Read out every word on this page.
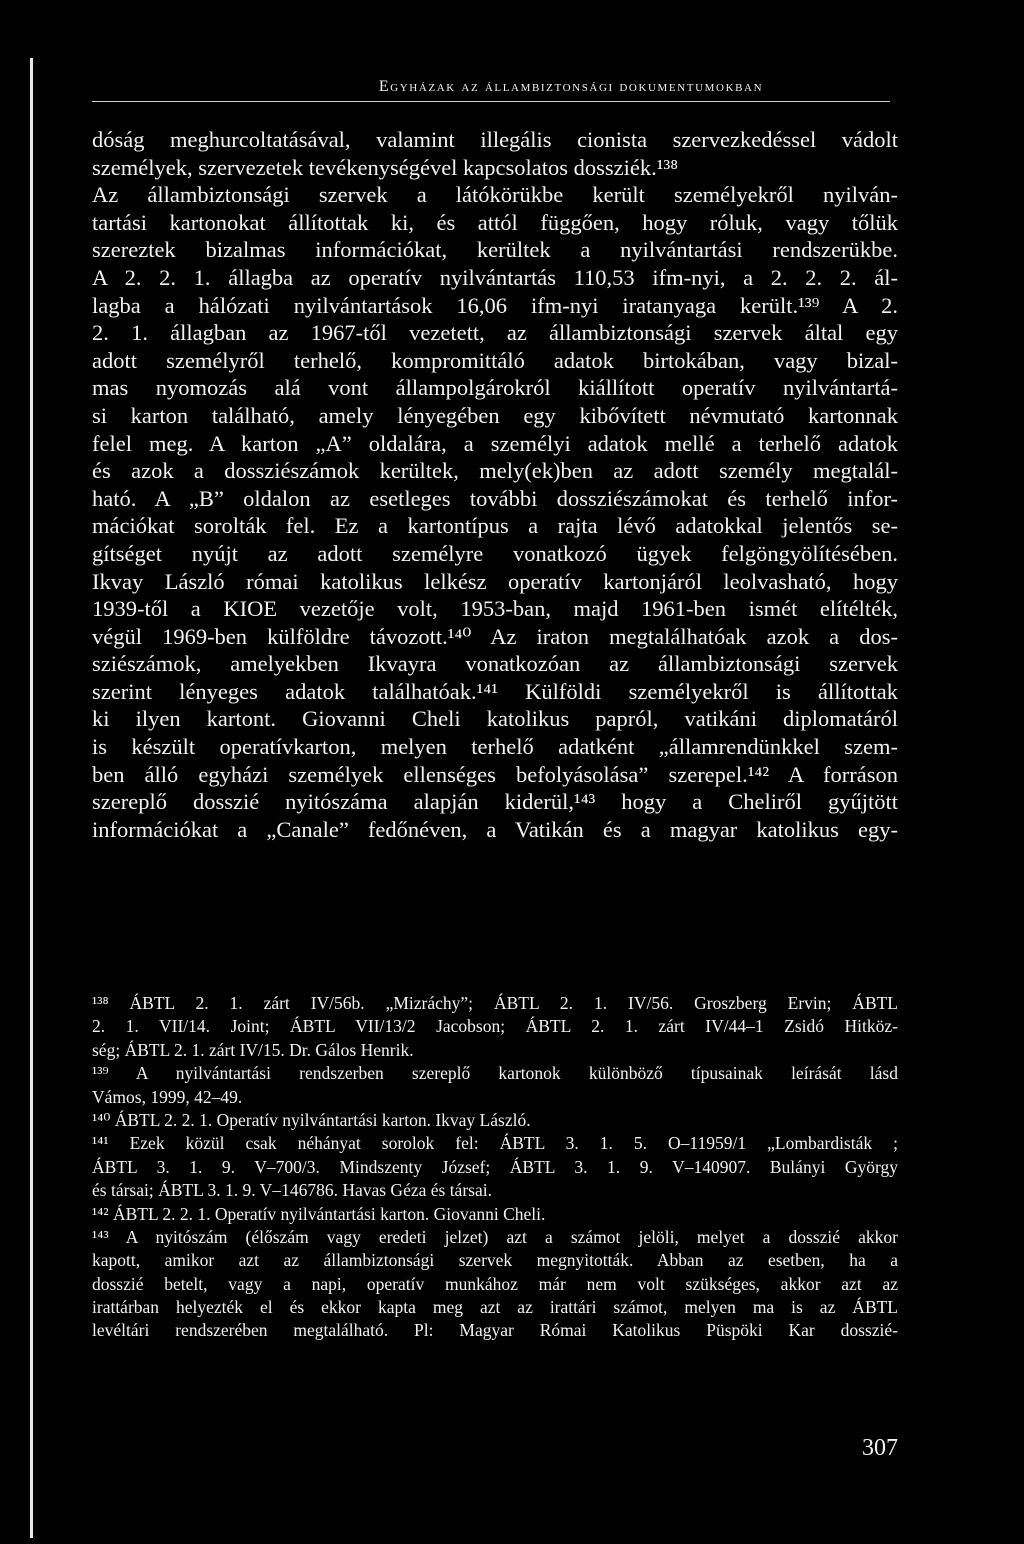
Egyházak az állambiztonsági dokumentumokban
dóság meghurcoltatásával, valamint illegális cionista szervezkedéssel vádolt
személyek, szervezetek tevékenységével kapcsolatos dossziék.¹³⁸
Az állambiztonsági szervek a látókörükbe került személyekről nyilván-
tartási kartonokat állítottak ki, és attól függően, hogy róluk, vagy tőlük
szereztek bizalmas információkat, kerültek a nyilvántartási rendszerükbe.
A 2. 2. 1. állagba az operatív nyilvántartás 110,53 ifm-nyi, a 2. 2. 2. ál-
lagba a hálózati nyilvántartások 16,06 ifm-nyi iratanyaga került.¹³⁹ A 2.
2. 1. állagban az 1967-től vezetett, az állambiztonsági szervek által egy
adott személyről terhelő, kompromittáló adatok birtokában, vagy bizal-
mas nyomozás alá vont állampolgárokról kiállított operatív nyilvántartá-
si karton található, amely lényegében egy kibővített névmutató kartonnak
felel meg. A karton „A” oldalára, a személyi adatok mellé a terhelő adatok
és azok a dossziészámok kerültek, mely(ek)ben az adott személy megtalál-
ható. A „B” oldalon az esetleges további dossziészámokat és terhelő infor-
mációkat sorolták fel. Ez a kartontípus a rajta lévő adatokkal jelentős se-
gítséget nyújt az adott személyre vonatkozó ügyek felgöngyölítésében.
Ikvay László római katolikus lelkész operatív kartonjáról leolvasható, hogy
1939-től a KIOE vezetője volt, 1953-ban, majd 1961-ben ismét elítélték,
végül 1969-ben külföldre távozott.¹⁴⁰ Az iraton megtalálhatóak azok a dos-
sziészámok, amelyekben Ikvayra vonatkozóan az állambiztonsági szervek
szerint lényeges adatok találhatóak.¹⁴¹ Külföldi személyekről is állítottak
ki ilyen kartont. Giovanni Cheli katolikus papról, vatikáni diplomatáról
is készült operatívkarton, melyen terhelő adatként „államrendünkkel szem-
ben álló egyházi személyek ellenséges befolyásolása” szerepel.¹⁴² A forráson
szereplő dosszié nyitószáma alapján kiderül,¹⁴³ hogy a Cheliről gyűjtött
információkat a „Canale” fedőnéven, a Vatikán és a magyar katolikus egy-
¹³⁸ ÁBTL 2. 1. zárt IV/56b. „Mizráchy”; ÁBTL 2. 1. IV/56. Groszberg Ervin; ÁBTL
2. 1. VII/14. Joint; ÁBTL VII/13/2 Jacobson; ÁBTL 2. 1. zárt IV/44–1 Zsidó Hitköz-
ség; ÁBTL 2. 1. zárt IV/15. Dr. Gálos Henrik.
¹³⁹ A nyilvántartási rendszerben szereplő kartonok különböző típusainak leírását lásd
Vámos, 1999, 42–49.
¹⁴⁰ ÁBTL 2. 2. 1. Operatív nyilvántartási karton. Ikvay László.
¹⁴¹ Ezek közül csak néhányat sorolok fel: ÁBTL 3. 1. 5. O–11959/1 „Lombardisták ;
ÁBTL 3. 1. 9. V–700/3. Mindszenty József; ÁBTL 3. 1. 9. V–140907. Bulányi György
és társai; ÁBTL 3. 1. 9. V–146786. Havas Géza és társai.
¹⁴² ÁBTL 2. 2. 1. Operatív nyilvántartási karton. Giovanni Cheli.
¹⁴³ A nyitószám (élőszám vagy eredeti jelzet) azt a számot jelöli, melyet a dosszié akkor
kapott, amikor azt az állambiztonsági szervek megnyitották. Abban az esetben, ha a
dosszié betelt, vagy a napi, operatív munkához már nem volt szükséges, akkor azt az
irattárban helyezték el és ekkor kapta meg azt az irattári számot, melyen ma is az ÁBTL
levéltári rendszerében megtalálható. Pl: Magyar Római Katolikus Püspöki Kar dosszié-
307
